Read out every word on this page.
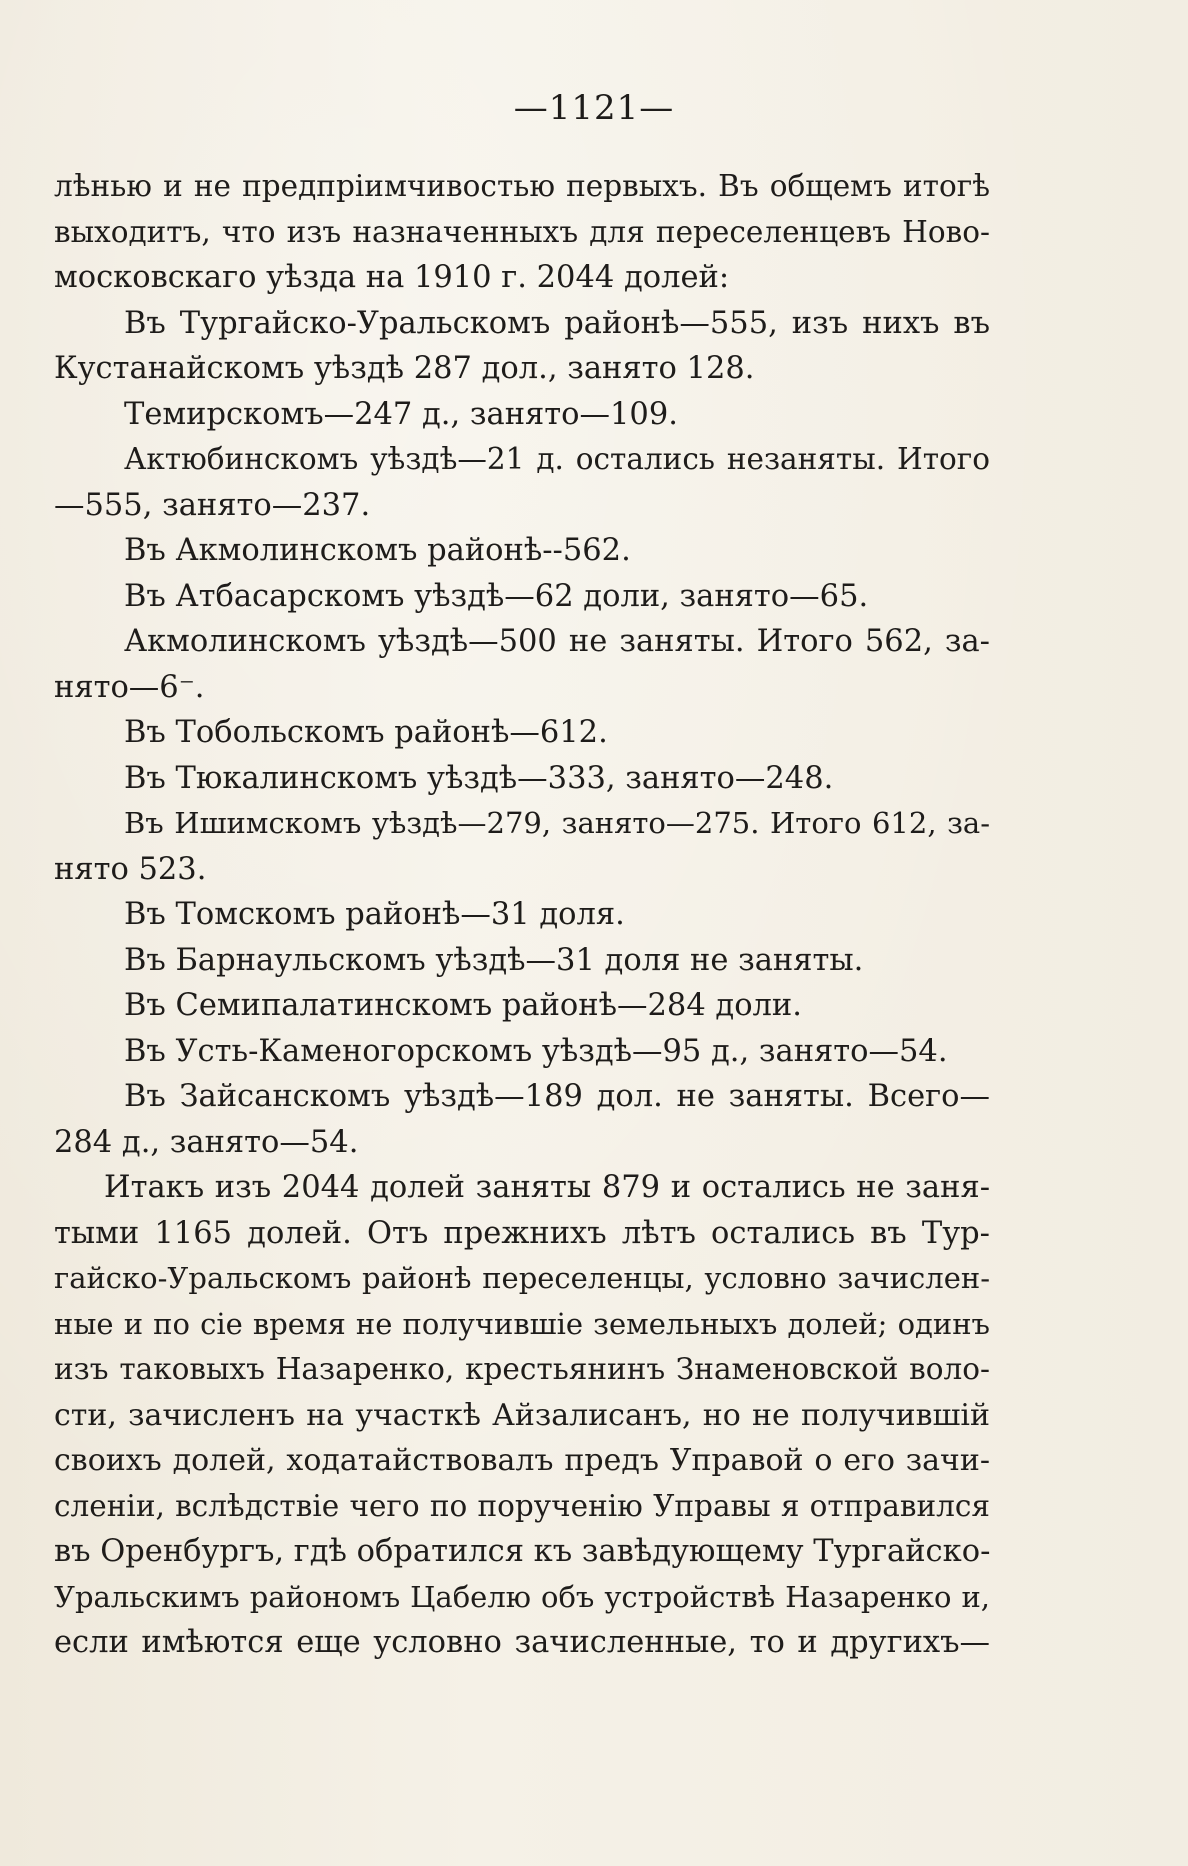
—1121—
лѣнью и не предпріимчивостью первыхъ. Въ общемъ итогѣ
выходитъ, что изъ назначенныхъ для переселенцевъ Ново-
московскаго уѣзда на 1910 г. 2044 долей:
Въ Тургайско-Уральскомъ районѣ—555, изъ нихъ въ
Кустанайскомъ уѣздѣ 287 дол., занято 128.
Темирскомъ—247 д., занято—109.
Актюбинскомъ уѣздѣ—21 д. остались незаняты. Итого
—555, занято—237.
Въ Акмолинскомъ районѣ--562.
Въ Атбасарскомъ уѣздѣ—62 доли, занято—65.
Акмолинскомъ уѣздѣ—500 не заняты. Итого 562, за-
нято—6⁻.
Въ Тобольскомъ районѣ—612.
Въ Тюкалинскомъ уѣздѣ—333, занято—248.
Въ Ишимскомъ уѣздѣ—279, занято—275. Итого 612, за-
нято 523.
Въ Томскомъ районѣ—31 доля.
Въ Барнаульскомъ уѣздѣ—31 доля не заняты.
Въ Семипалатинскомъ районѣ—284 доли.
Въ Усть-Каменогорскомъ уѣздѣ—95 д., занято—54.
Въ Зайсанскомъ уѣздѣ—189 дол. не заняты. Всего—
284 д., занято—54.
Итакъ изъ 2044 долей заняты 879 и остались не заня-
тыми 1165 долей. Отъ прежнихъ лѣтъ остались въ Тур-
гайско-Уральскомъ районѣ переселенцы, условно зачислен-
ные и по сіе время не получившіе земельныхъ долей; одинъ
изъ таковыхъ Назаренко, крестьянинъ Знаменовской воло-
сти, зачисленъ на участкѣ Айзалисанъ, но не получившій
своихъ долей, ходатайствовалъ предъ Управой о его зачи-
сленіи, вслѣдствіе чего по порученію Управы я отправился
въ Оренбургъ, гдѣ обратился къ завѣдующему Тургайско-
Уральскимъ райономъ Цабелю объ устройствѣ Назаренко и,
если имѣются еще условно зачисленные, то и другихъ—
